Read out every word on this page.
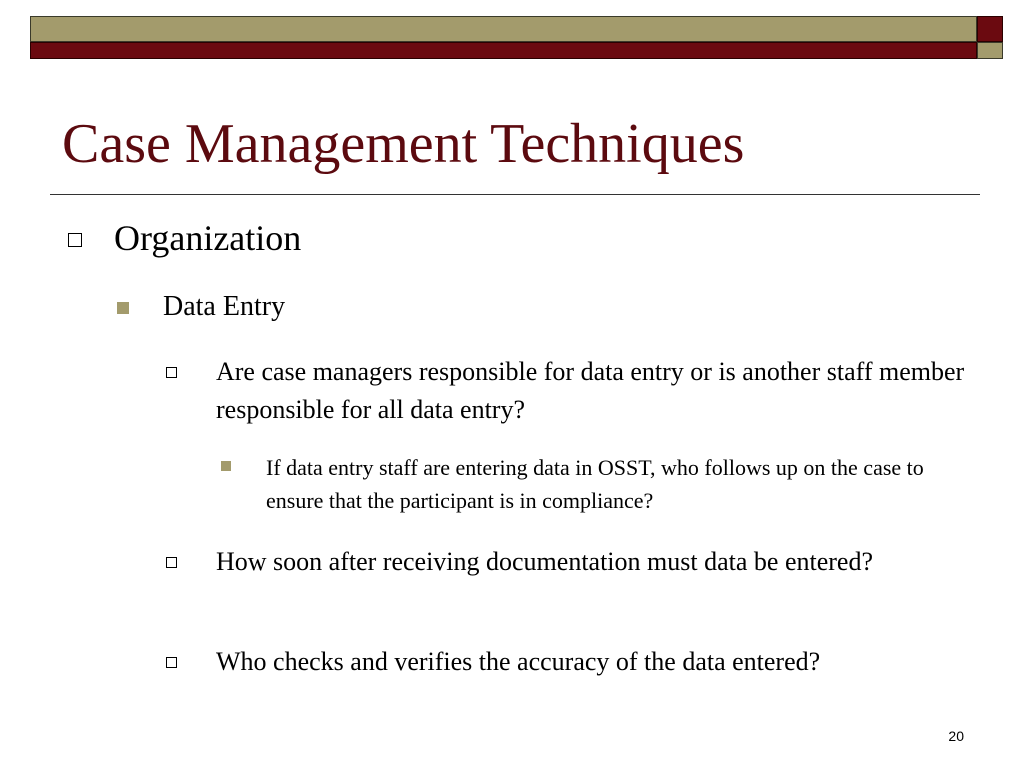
Case Management Techniques
Organization
Data Entry
Are case managers responsible for data entry or is another staff member responsible for all data entry?
If data entry staff are entering data in OSST, who follows up on the case to ensure that the participant is in compliance?
How soon after receiving documentation must data be entered?
Who checks and verifies the accuracy of the data entered?
20
